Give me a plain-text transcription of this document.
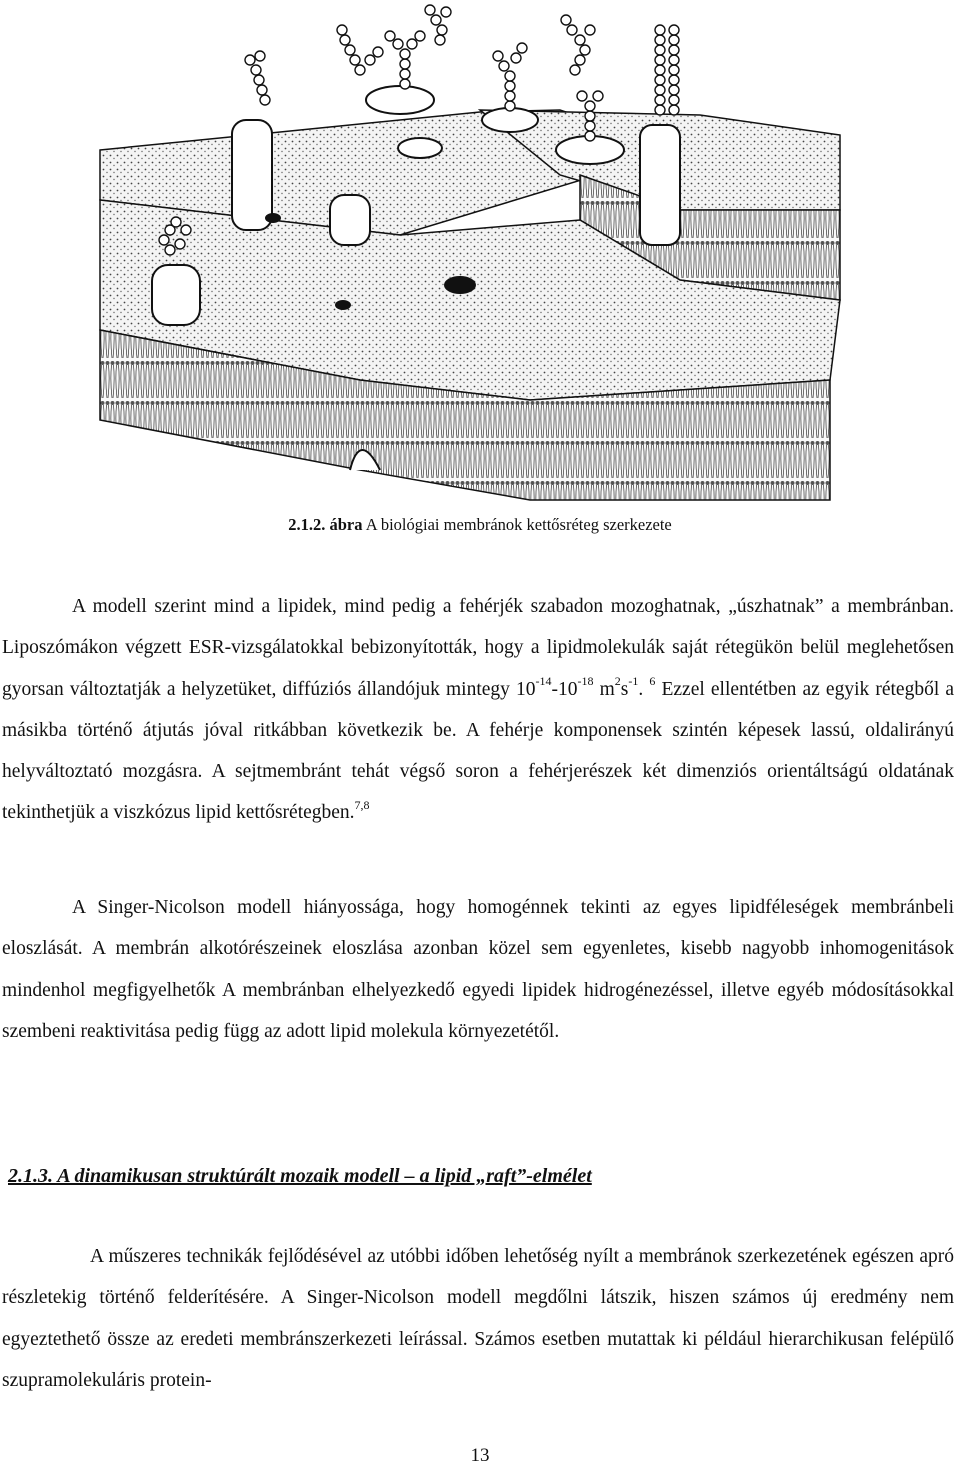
2.1.2. ábra A biológiai membránok kettősréteg szerkezete

A modell szerint mind a lipidek, mind pedig a fehérjék szabadon mozoghatnak, „úszhatnak” a membránban. Liposzómákon végzett ESR-vizsgálatokkal bebizonyították, hogy a lipidmolekulák saját rétegükön belül meglehetősen gyorsan változtatják a helyzetüket, diffúziós állandójuk mintegy $10^{-14}-10^{-18}$ $m^2s^{-1}$. $^6$ Ezzel ellentétben az egyik rétegből a másikba történő átjutás jóval ritkábban következik be. A fehérje komponensek szintén képesek lassú, oldalirányú helyváltoztató mozgásra. A sejtmembránt tehát végső soron a fehérjerészek két dimenziós orientáltságú oldatának tekinthetjük a viszkózus lipid kettősrétegben.$^{7,8}$

A Singer-Nicolson modell hiányossága, hogy homogénnek tekinti az egyes lipidféleségek membránbeli eloszlását. A membrán alkotórészeinek eloszlása azonban közel sem egyenletes, kisebb nagyobb inhomogenitások mindenhol megfigyelhetők A membránban elhelyezkedő egyedi lipidek hidrogénezéssel, illetve egyéb módosításokkal szembeni reaktivitása pedig függ az adott lipid molekula környezetétől.

2.1.3. A dinamikusan struktúrált mozaik modell – a lipid „raft”-elmélet

A műszeres technikák fejlődésével az utóbbi időben lehetőség nyílt a membránok szerkezetének egészen apró részletekig történő felderítésére. A Singer-Nicolson modell megdőlni látszik, hiszen számos új eredmény nem egyeztethető össze az eredeti membránszerkezeti leírással. Számos esetben mutattak ki például hierarchikusan felépülő szupramolekuláris protein-

13
